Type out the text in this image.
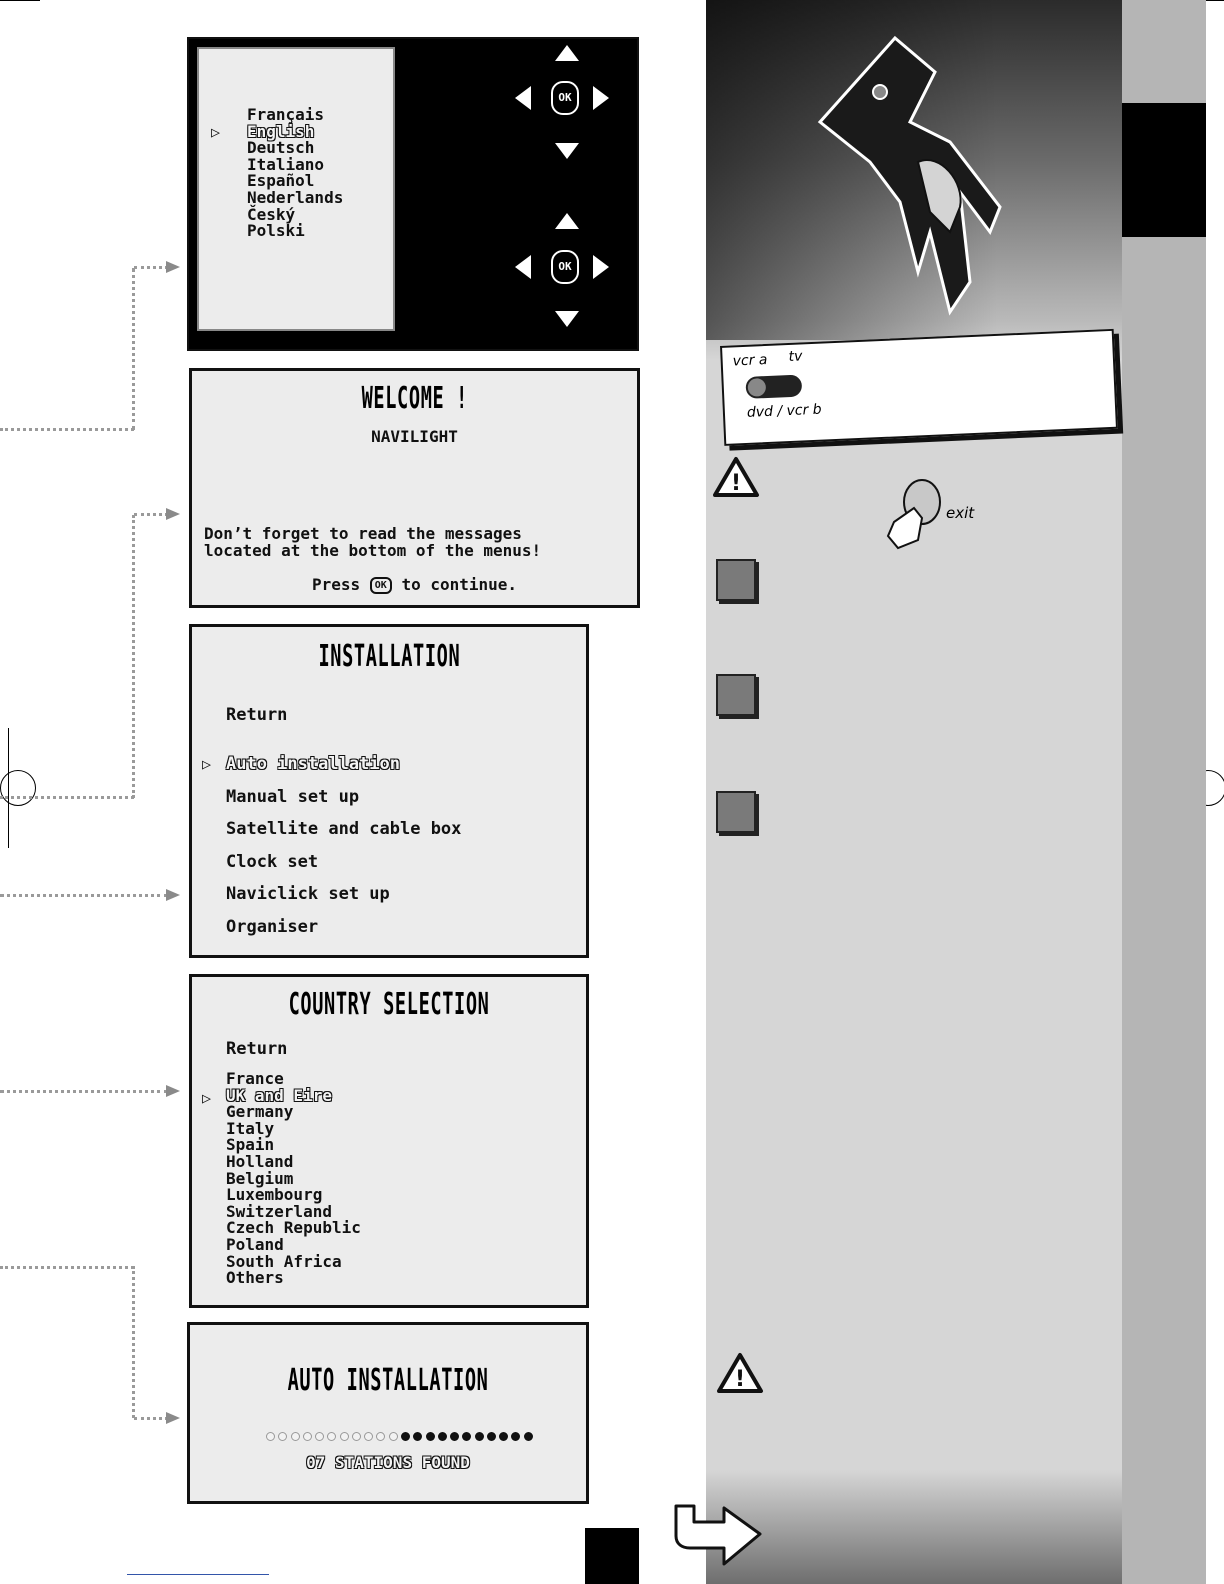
Français
English
Deutsch
Italiano
Español
Nederlands
Český
Polski
▷
OK
OK
WELCOME !
NAVILIGHT
Don’t forget to read the messages
located at the bottom of the menus!
Press OK to continue.
INSTALLATION
Return
▷ Auto installation
Manual set up
Satellite and cable box
Clock set
Naviclick set up
Organiser
COUNTRY SELECTION
Return
▷
France
UK and Eire
Germany
Italy
Spain
Holland
Belgium
Luxembourg
Switzerland
Czech Republic
Poland
South Africa
Others
AUTO INSTALLATION
07 STATIONS FOUND
vcr a tv
dvd / vcr b
!
exit
!
